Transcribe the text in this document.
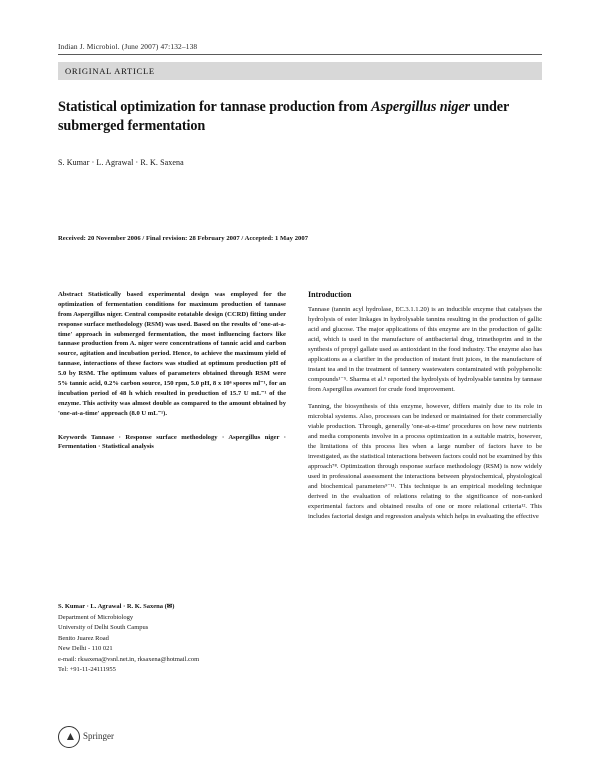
Indian J. Microbiol. (June 2007) 47:132–138
ORIGINAL ARTICLE
Statistical optimization for tannase production from Aspergillus niger under submerged fermentation
S. Kumar · L. Agrawal · R. K. Saxena
Received: 20 November 2006 / Final revision: 28 February 2007 / Accepted: 1 May 2007
Abstract Statistically based experimental design was employed for the optimization of fermentation conditions for maximum production of tannase from Aspergillus niger. Central composite rotatable design (CCRD) fitting under response surface methodology (RSM) was used. Based on the results of 'one-at-a-time' approach in submerged fermentation, the most influencing factors like tannase production from A. niger were concentrations of tannic acid and carbon source, agitation and incubation period. Hence, to achieve the maximum yield of tannase, interactions of these factors was studied at optimum production pH of 5.0 by RSM. The optimum values of parameters obtained through RSM were 5% tannic acid, 0.2% carbon source, 150 rpm, 5.0 pH, 8 x 10⁶ spores ml⁻¹, for an incubation period of 48 h which resulted in production of 15.7 U mL⁻¹ of the enzyme. This activity was almost double as compared to the amount obtained by 'one-at-a-time' approach (8.0 U mL⁻¹).
Keywords Tannase · Response surface methodology · Aspergillus niger · Fermentation · Statistical analysis
S. Kumar · L. Agrawal · R. K. Saxena (✉)
Department of Microbiology
University of Delhi South Campus
Benito Juarez Road
New Delhi - 110 021
e-mail: rksaxena@vsnl.net.in, rksaxena@hotmail.com
Tel: +91-11-24111955
Introduction

Tannase (tannin acyl hydrolase, EC.3.1.1.20) is an inducible enzyme that catalyses the hydrolysis of ester linkages in hydrolysable tannins resulting in the production of gallic acid and glucose. The major applications of this enzyme are in the production of gallic acid, which is used in the manufacture of antibacterial drug, trimethoprim and in the synthesis of propyl gallate used as antioxidant in the food industry. The enzyme also has applications as a clarifier in the production of instant fruit juices, in the manufacture of instant tea and in the treatment of tannery wastewaters contaminated with polyphenolic compounds¹⁻⁵. Sharma et al.⁶ reported the hydrolysis of hydrolysable tannins by tannase from Aspergillus awamori for crude food improvement.

Tanning, the biosynthesis of this enzyme, however, differs mainly due to its role in microbial systems. Also, processes can be indexed or maintained for their commercially viable production. Through, generally 'one-at-a-time' procedures on how new nutrients and media components involve in a process optimization in a suitable matrix, however, the limitations of this process lies when a large number of factors have to be investigated, as the statistical interactions between factors could not be examined by this approach⁷⁸. Optimization through response surface methodology (RSM) is now widely used in professional assessment the interactions between physiochemical, physiological and biochemical parameters⁹⁻¹¹. This technique is an empirical modeling technique derived in the evaluation of relations relating to the significance of non-ranked experimental factors and obtained results of one or more relational criteria¹². This includes factorial design and regression analysis which helps in evaluating the effective

▲ Springer
